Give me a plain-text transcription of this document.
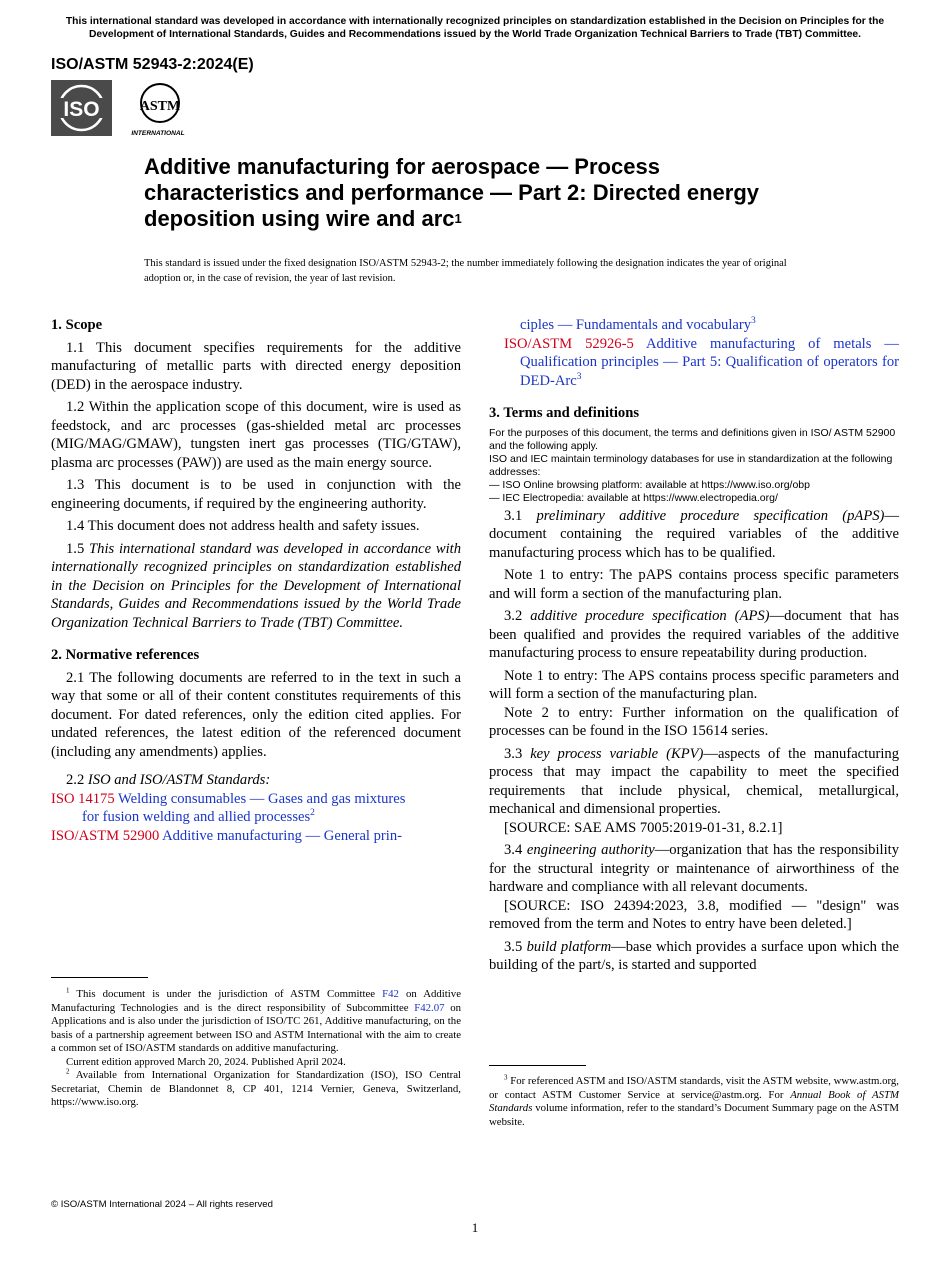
This international standard was developed in accordance with internationally recognized principles on standardization established in the Decision on Principles for the Development of International Standards, Guides and Recommendations issued by the World Trade Organization Technical Barriers to Trade (TBT) Committee.
ISO/ASTM 52943-2:2024(E)
ISO	ASTM
INTERNATIONAL
Additive manufacturing for aerospace — Process
characteristics and performance — Part 2: Directed energy
deposition using wire and arc$^1$
This standard is issued under the fixed designation ISO/ASTM 52943-2; the number immediately following the designation indicates the year of original adoption or, in the case of revision, the year of last revision.
1. Scope

1.1 This document specifies requirements for the additive manufacturing of metallic parts with directed energy deposition (DED) in the aerospace industry.

1.2 Within the application scope of this document, wire is used as feedstock, and arc processes (gas-shielded metal arc processes (MIG/MAG/GMAW), tungsten inert gas processes (TIG/GTAW), plasma arc processes (PAW)) are used as the main energy source.

1.3 This document is to be used in conjunction with the engineering documents, if required by the engineering authority.

1.4 This document does not address health and safety issues.

1.5 This international standard was developed in accordance with internationally recognized principles on standardization established in the Decision on Principles for the Development of International Standards, Guides and Recommendations issued by the World Trade Organization Technical Barriers to Trade (TBT) Committee.

2. Normative references

2.1 The following documents are referred to in the text in such a way that some or all of their content constitutes requirements of this document. For dated references, only the edition cited applies. For undated references, the latest edition of the referenced document (including any amendments) applies.

2.2 ISO and ISO/ASTM Standards:

ISO 14175 Welding consumables — Gases and gas mixtures
for fusion welding and allied processes$^2$
ISO/ASTM 52900 Additive manufacturing — General prin-

$^1$ This document is under the jurisdiction of ASTM Committee F42 on Additive Manufacturing Technologies and is the direct responsibility of Subcommittee F42.07 on Applications and is also under the jurisdiction of ISO/TC 261, Additive manufacturing, on the basis of a partnership agreement between ISO and ASTM International with the aim to create a common set of ISO/ASTM standards on additive manufacturing.

Current edition approved March 20, 2024. Published April 2024.

$^2$ Available from International Organization for Standardization (ISO), ISO Central Secretariat, Chemin de Blandonnet 8, CP 401, 1214 Vernier, Geneva, Switzerland, https://www.iso.org.

ciples — Fundamentals and vocabulary$^3$
ISO/ASTM 52926-5 Additive manufacturing of metals — Qualification principles — Part 5: Qualification of operators for DED-Arc$^3$
3. Terms and definitions
For the purposes of this document, the terms and definitions given in ISO/ ASTM 52900 and the following apply.
ISO and IEC maintain terminology databases for use in standardization at the following addresses:
— ISO Online browsing platform: available at https://www.iso.org/obp
— IEC Electropedia: available at https://www.electropedia.org/

3.1 preliminary additive procedure specification (pAPS)—document containing the required variables of the additive manufacturing process which has to be qualified.

Note 1 to entry: The pAPS contains process specific parameters and will form a section of the manufacturing plan.

3.2 additive procedure specification (APS)—document that has been qualified and provides the required variables of the additive manufacturing process to ensure repeatability during production.

Note 1 to entry: The APS contains process specific parameters and will form a section of the manufacturing plan.

Note 2 to entry: Further information on the qualification of processes can be found in the ISO 15614 series.

3.3 key process variable (KPV)—aspects of the manufacturing process that may impact the capability to meet the specified requirements that include physical, chemical, metallurgical, mechanical and dimensional properties.

[SOURCE: SAE AMS 7005:2019-01-31, 8.2.1]

3.4 engineering authority—organization that has the responsibility for the structural integrity or maintenance of airworthiness of the hardware and compliance with all relevant documents.

[SOURCE: ISO 24394:2023, 3.8, modified — "design" was removed from the term and Notes to entry have been deleted.]

3.5 build platform—base which provides a surface upon which the building of the part/s, is started and supported

$^3$ For referenced ASTM and ISO/ASTM standards, visit the ASTM website, www.astm.org, or contact ASTM Customer Service at service@astm.org. For Annual Book of ASTM Standards volume information, refer to the standard’s Document Summary page on the ASTM website.

© ISO/ASTM International 2024 – All rights reserved
1
